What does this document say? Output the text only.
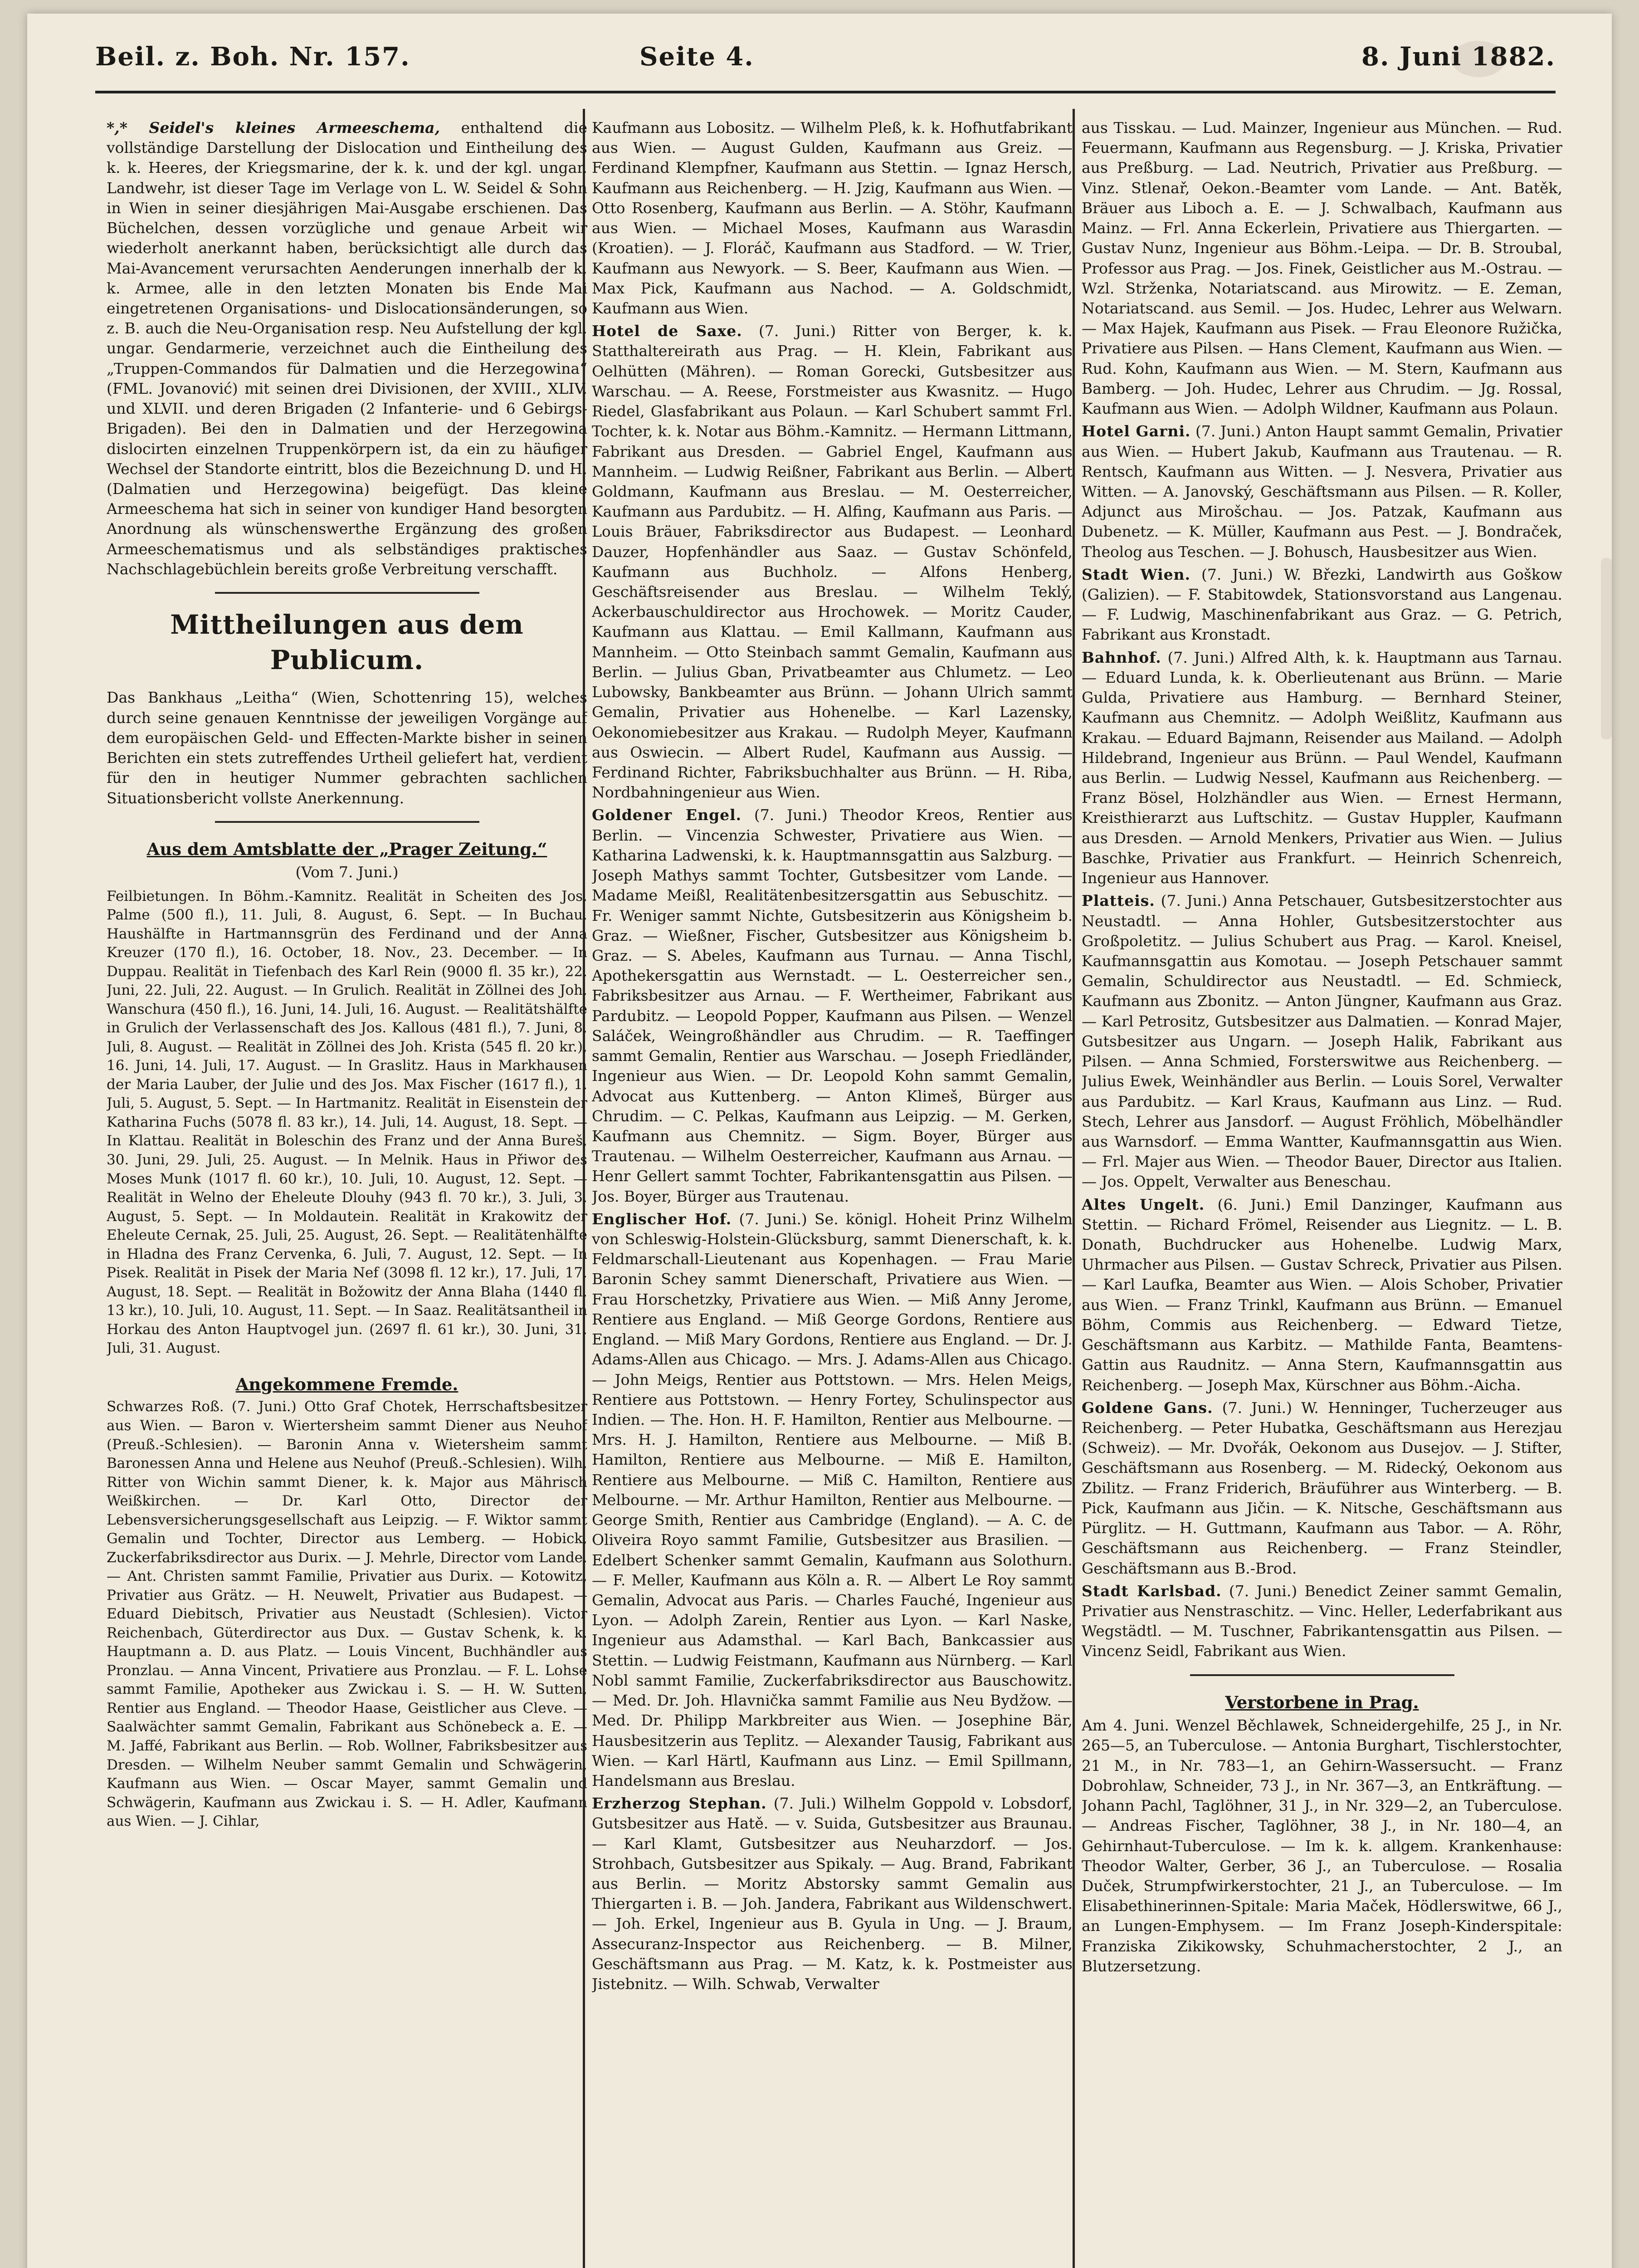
Beil. z. Boh. Nr. 157.	Seite 4.	8. Juni 1882.

*,* Seidel's kleines Armeeschema, enthaltend die vollständige Darstellung der Dislocation und Eintheilung des k. k. Heeres, der Kriegsmarine, der k. k. und der kgl. ungar. Landwehr, ist dieser Tage im Verlage von L. W. Seidel & Sohn in Wien in seiner diesjährigen Mai-Ausgabe erschienen. Das Büchelchen, dessen vorzügliche und genaue Arbeit wir wiederholt anerkannt haben, berücksichtigt alle durch das Mai-Avancement verursachten Aenderungen innerhalb der k. k. Armee, alle in den letzten Monaten bis Ende Mai eingetretenen Organisations- und Dislocationsänderungen, so z. B. auch die Neu-Organisation resp. Neu Aufstellung der kgl. ungar. Gendarmerie, verzeichnet auch die Eintheilung des „Truppen-Commandos für Dalmatien und die Herzegowina“ (FML. Jovanović) mit seinen drei Divisionen, der XVIII., XLIV. und XLVII. und deren Brigaden (2 Infanterie- und 6 Gebirgs-Brigaden). Bei den in Dalmatien und der Herzegowina dislocirten einzelnen Truppenkörpern ist, da ein zu häufiger Wechsel der Standorte eintritt, blos die Bezeichnung D. und H. (Dalmatien und Herzegowina) beigefügt. Das kleine Armeeschema hat sich in seiner von kundiger Hand besorgten Anordnung als wünschenswerthe Ergänzung des großen Armeeschematismus und als selbständiges praktisches Nachschlagebüchlein bereits große Verbreitung verschafft.

Mittheilungen aus dem Publicum.

Das Bankhaus „Leitha“ (Wien, Schottenring 15), welches durch seine genauen Kenntnisse der jeweiligen Vorgänge auf dem europäischen Geld- und Effecten-Markte bisher in seinen Berichten ein stets zutreffendes Urtheil geliefert hat, verdient für den in heutiger Nummer gebrachten sachlichen Situationsbericht vollste Anerkennung.

Aus dem Amtsblatte der „Prager Zeitung.“
(Vom 7. Juni.)

Feilbietungen. In Böhm.-Kamnitz. Realität in Scheiten des Jos. Palme (500 fl.), 11. Juli, 8. August, 6. Sept. — In Buchau. Haushälfte in Hartmannsgrün des Ferdinand und der Anna Kreuzer (170 fl.), 16. October, 18. Nov., 23. December. — In Duppau. Realität in Tiefenbach des Karl Rein (9000 fl. 35 kr.), 22. Juni, 22. Juli, 22. August. — In Grulich. Realität in Zöllnei des Joh. Wanschura (450 fl.), 16. Juni, 14. Juli, 16. August. — Realitätshälfte in Grulich der Verlassenschaft des Jos. Kallous (481 fl.), 7. Juni, 8. Juli, 8. August. — Realität in Zöllnei des Joh. Krista (545 fl. 20 kr.), 16. Juni, 14. Juli, 17. August. — In Graslitz. Haus in Markhausen der Maria Lauber, der Julie und des Jos. Max Fischer (1617 fl.), 1. Juli, 5. August, 5. Sept. — In Hartmanitz. Realität in Eisenstein der Katharina Fuchs (5078 fl. 83 kr.), 14. Juli, 14. August, 18. Sept. — In Klattau. Realität in Boleschin des Franz und der Anna Bureš, 30. Juni, 29. Juli, 25. August. — In Melnik. Haus in Přiwor des Moses Munk (1017 fl. 60 kr.), 10. Juli, 10. August, 12. Sept. — Realität in Welno der Eheleute Dlouhy (943 fl. 70 kr.), 3. Juli, 3. August, 5. Sept. — In Moldautein. Realität in Krakowitz der Eheleute Cernak, 25. Juli, 25. August, 26. Sept. — Realitätenhälfte in Hladna des Franz Cervenka, 6. Juli, 7. August, 12. Sept. — In Pisek. Realität in Pisek der Maria Nef (3098 fl. 12 kr.), 17. Juli, 17. August, 18. Sept. — Realität in Božowitz der Anna Blaha (1440 fl. 13 kr.), 10. Juli, 10. August, 11. Sept. — In Saaz. Realitätsantheil in Horkau des Anton Hauptvogel jun. (2697 fl. 61 kr.), 30. Juni, 31. Juli, 31. August.

Angekommene Fremde.

Schwarzes Roß. (7. Juni.) Otto Graf Chotek, Herrschaftsbesitzer aus Wien. — Baron v. Wiertersheim sammt Diener aus Neuhof (Preuß.-Schlesien). — Baronin Anna v. Wietersheim sammt Baronessen Anna und Helene aus Neuhof (Preuß.-Schlesien). Wilh. Ritter von Wichin sammt Diener, k. k. Major aus Mährisch Weißkirchen. — Dr. Karl Otto, Director der Lebensversicherungsgesellschaft aus Leipzig. — F. Wiktor sammt Gemalin und Tochter, Director aus Lemberg. — Hobick, Zuckerfabriksdirector aus Durix. — J. Mehrle, Director vom Lande. — Ant. Christen sammt Familie, Privatier aus Durix. — Kotowitz, Privatier aus Grätz. — H. Neuwelt, Privatier aus Budapest. — Eduard Diebitsch, Privatier aus Neustadt (Schlesien). Victor Reichenbach, Güterdirector aus Dux. — Gustav Schenk, k. k. Hauptmann a. D. aus Platz. — Louis Vincent, Buchhändler aus Pronzlau. — Anna Vincent, Privatiere aus Pronzlau. — F. L. Lohse sammt Familie, Apotheker aus Zwickau i. S. — H. W. Sutten, Rentier aus England. — Theodor Haase, Geistlicher aus Cleve. — Saalwächter sammt Gemalin, Fabrikant aus Schönebeck a. E. — M. Jaffé, Fabrikant aus Berlin. — Rob. Wollner, Fabriksbesitzer aus Dresden. — Wilhelm Neuber sammt Gemalin und Schwägerin, Kaufmann aus Wien. — Oscar Mayer, sammt Gemalin und Schwägerin, Kaufmann aus Zwickau i. S. — H. Adler, Kaufmann aus Wien. — J. Cihlar,

Kaufmann aus Lobositz. — Wilhelm Pleß, k. k. Hofhutfabrikant aus Wien. — August Gulden, Kaufmann aus Greiz. — Ferdinand Klempfner, Kaufmann aus Stettin. — Ignaz Hersch, Kaufmann aus Reichenberg. — H. Jzig, Kaufmann aus Wien. — Otto Rosenberg, Kaufmann aus Berlin. — A. Stöhr, Kaufmann aus Wien. — Michael Moses, Kaufmann aus Warasdin (Kroatien). — J. Floráč, Kaufmann aus Stadford. — W. Trier, Kaufmann aus Newyork. — S. Beer, Kaufmann aus Wien. — Max Pick, Kaufmann aus Nachod. — A. Goldschmidt, Kaufmann aus Wien.

Hotel de Saxe. (7. Juni.) Ritter von Berger, k. k. Statthaltereirath aus Prag. — H. Klein, Fabrikant aus Oelhütten (Mähren). — Roman Gorecki, Gutsbesitzer aus Warschau. — A. Reese, Forstmeister aus Kwasnitz. — Hugo Riedel, Glasfabrikant aus Polaun. — Karl Schubert sammt Frl. Tochter, k. k. Notar aus Böhm.-Kamnitz. — Hermann Littmann, Fabrikant aus Dresden. — Gabriel Engel, Kaufmann aus Mannheim. — Ludwig Reißner, Fabrikant aus Berlin. — Albert Goldmann, Kaufmann aus Breslau. — M. Oesterreicher, Kaufmann aus Pardubitz. — H. Alfing, Kaufmann aus Paris. — Louis Bräuer, Fabriksdirector aus Budapest. — Leonhard Dauzer, Hopfenhändler aus Saaz. — Gustav Schönfeld, Kaufmann aus Buchholz. — Alfons Henberg, Geschäftsreisender aus Breslau. — Wilhelm Teklý, Ackerbauschuldirector aus Hrochowek. — Moritz Cauder, Kaufmann aus Klattau. — Emil Kallmann, Kaufmann aus Mannheim. — Otto Steinbach sammt Gemalin, Kaufmann aus Berlin. — Julius Gban, Privatbeamter aus Chlumetz. — Leo Lubowsky, Bankbeamter aus Brünn. — Johann Ulrich sammt Gemalin, Privatier aus Hohenelbe. — Karl Lazensky, Oekonomiebesitzer aus Krakau. — Rudolph Meyer, Kaufmann aus Oswiecin. — Albert Rudel, Kaufmann aus Aussig. — Ferdinand Richter, Fabriksbuchhalter aus Brünn. — H. Riba, Nordbahningenieur aus Wien.

Goldener Engel. (7. Juni.) Theodor Kreos, Rentier aus Berlin. — Vincenzia Schwester, Privatiere aus Wien. — Katharina Ladwenski, k. k. Hauptmannsgattin aus Salzburg. — Joseph Mathys sammt Tochter, Gutsbesitzer vom Lande. — Madame Meißl, Realitätenbesitzersgattin aus Sebuschitz. — Fr. Weniger sammt Nichte, Gutsbesitzerin aus Königsheim b. Graz. — Wießner, Fischer, Gutsbesitzer aus Königsheim b. Graz. — S. Abeles, Kaufmann aus Turnau. — Anna Tischl, Apothekersgattin aus Wernstadt. — L. Oesterreicher sen., Fabriksbesitzer aus Arnau. — F. Wertheimer, Fabrikant aus Pardubitz. — Leopold Popper, Kaufmann aus Pilsen. — Wenzel Saláček, Weingroßhändler aus Chrudim. — R. Taeffinger sammt Gemalin, Rentier aus Warschau. — Joseph Friedländer, Ingenieur aus Wien. — Dr. Leopold Kohn sammt Gemalin, Advocat aus Kuttenberg. — Anton Klimeš, Bürger aus Chrudim. — C. Pelkas, Kaufmann aus Leipzig. — M. Gerken, Kaufmann aus Chemnitz. — Sigm. Boyer, Bürger aus Trautenau. — Wilhelm Oesterreicher, Kaufmann aus Arnau. — Henr Gellert sammt Tochter, Fabrikantensgattin aus Pilsen. — Jos. Boyer, Bürger aus Trautenau.

Englischer Hof. (7. Juni.) Se. königl. Hoheit Prinz Wilhelm von Schleswig-Holstein-Glücksburg, sammt Dienerschaft, k. k. Feldmarschall-Lieutenant aus Kopenhagen. — Frau Marie Baronin Schey sammt Dienerschaft, Privatiere aus Wien. — Frau Horschetzky, Privatiere aus Wien. — Miß Anny Jerome, Rentiere aus England. — Miß George Gordons, Rentiere aus England. — Miß Mary Gordons, Rentiere aus England. — Dr. J. Adams-Allen aus Chicago. — Mrs. J. Adams-Allen aus Chicago. — John Meigs, Rentier aus Pottstown. — Mrs. Helen Meigs, Rentiere aus Pottstown. — Henry Fortey, Schulinspector aus Indien. — The. Hon. H. F. Hamilton, Rentier aus Melbourne. — Mrs. H. J. Hamilton, Rentiere aus Melbourne. — Miß B. Hamilton, Rentiere aus Melbourne. — Miß E. Hamilton, Rentiere aus Melbourne. — Miß C. Hamilton, Rentiere aus Melbourne. — Mr. Arthur Hamilton, Rentier aus Melbourne. — George Smith, Rentier aus Cambridge (England). — A. C. de Oliveira Royo sammt Familie, Gutsbesitzer aus Brasilien. — Edelbert Schenker sammt Gemalin, Kaufmann aus Solothurn. — F. Meller, Kaufmann aus Köln a. R. — Albert Le Roy sammt Gemalin, Advocat aus Paris. — Charles Fauché, Ingenieur aus Lyon. — Adolph Zarein, Rentier aus Lyon. — Karl Naske, Ingenieur aus Adamsthal. — Karl Bach, Bankcassier aus Stettin. — Ludwig Feistmann, Kaufmann aus Nürnberg. — Karl Nobl sammt Familie, Zuckerfabriksdirector aus Bauschowitz. — Med. Dr. Joh. Hlavnička sammt Familie aus Neu Bydžow. — Med. Dr. Philipp Markbreiter aus Wien. — Josephine Bär, Hausbesitzerin aus Teplitz. — Alexander Tausig, Fabrikant aus Wien. — Karl Härtl, Kaufmann aus Linz. — Emil Spillmann, Handelsmann aus Breslau.

Erzherzog Stephan. (7. Juli.) Wilhelm Goppold v. Lobsdorf, Gutsbesitzer aus Hatě. — v. Suida, Gutsbesitzer aus Braunau. — Karl Klamt, Gutsbesitzer aus Neuharzdorf. — Jos. Strohbach, Gutsbesitzer aus Spikaly. — Aug. Brand, Fabrikant aus Berlin. — Moritz Abstorsky sammt Gemalin aus Thiergarten i. B. — Joh. Jandera, Fabrikant aus Wildenschwert. — Joh. Erkel, Ingenieur aus B. Gyula in Ung. — J. Braum, Assecuranz-Inspector aus Reichenberg. — B. Milner, Geschäftsmann aus Prag. — M. Katz, k. k. Postmeister aus Jistebnitz. — Wilh. Schwab, Verwalter

aus Tisskau. — Lud. Mainzer, Ingenieur aus München. — Rud. Feuermann, Kaufmann aus Regensburg. — J. Kriska, Privatier aus Preßburg. — Lad. Neutrich, Privatier aus Preßburg. — Vinz. Stlenař, Oekon.-Beamter vom Lande. — Ant. Batěk, Bräuer aus Liboch a. E. — J. Schwalbach, Kaufmann aus Mainz. — Frl. Anna Eckerlein, Privatiere aus Thiergarten. — Gustav Nunz, Ingenieur aus Böhm.-Leipa. — Dr. B. Stroubal, Professor aus Prag. — Jos. Finek, Geistlicher aus M.-Ostrau. — Wzl. Strženka, Notariatscand. aus Mirowitz. — E. Zeman, Notariatscand. aus Semil. — Jos. Hudec, Lehrer aus Welwarn. — Max Hajek, Kaufmann aus Pisek. — Frau Eleonore Ružička, Privatiere aus Pilsen. — Hans Clement, Kaufmann aus Wien. — Rud. Kohn, Kaufmann aus Wien. — M. Stern, Kaufmann aus Bamberg. — Joh. Hudec, Lehrer aus Chrudim. — Jg. Rossal, Kaufmann aus Wien. — Adolph Wildner, Kaufmann aus Polaun.

Hotel Garni. (7. Juni.) Anton Haupt sammt Gemalin, Privatier aus Wien. — Hubert Jakub, Kaufmann aus Trautenau. — R. Rentsch, Kaufmann aus Witten. — J. Nesvera, Privatier aus Witten. — A. Janovský, Geschäftsmann aus Pilsen. — R. Koller, Adjunct aus Mirošchau. — Jos. Patzak, Kaufmann aus Dubenetz. — K. Müller, Kaufmann aus Pest. — J. Bondraček, Theolog aus Teschen. — J. Bohusch, Hausbesitzer aus Wien.

Stadt Wien. (7. Juni.) W. Březki, Landwirth aus Goškow (Galizien). — F. Stabitowdek, Stationsvorstand aus Langenau. — F. Ludwig, Maschinenfabrikant aus Graz. — G. Petrich, Fabrikant aus Kronstadt.

Bahnhof. (7. Juni.) Alfred Alth, k. k. Hauptmann aus Tarnau. — Eduard Lunda, k. k. Oberlieutenant aus Brünn. — Marie Gulda, Privatiere aus Hamburg. — Bernhard Steiner, Kaufmann aus Chemnitz. — Adolph Weißlitz, Kaufmann aus Krakau. — Eduard Bajmann, Reisender aus Mailand. — Adolph Hildebrand, Ingenieur aus Brünn. — Paul Wendel, Kaufmann aus Berlin. — Ludwig Nessel, Kaufmann aus Reichenberg. — Franz Bösel, Holzhändler aus Wien. — Ernest Hermann, Kreisthierarzt aus Luftschitz. — Gustav Huppler, Kaufmann aus Dresden. — Arnold Menkers, Privatier aus Wien. — Julius Baschke, Privatier aus Frankfurt. — Heinrich Schenreich, Ingenieur aus Hannover.

Platteis. (7. Juni.) Anna Petschauer, Gutsbesitzerstochter aus Neustadtl. — Anna Hohler, Gutsbesitzerstochter aus Großpoletitz. — Julius Schubert aus Prag. — Karol. Kneisel, Kaufmannsgattin aus Komotau. — Joseph Petschauer sammt Gemalin, Schuldirector aus Neustadtl. — Ed. Schmieck, Kaufmann aus Zbonitz. — Anton Jüngner, Kaufmann aus Graz. — Karl Petrositz, Gutsbesitzer aus Dalmatien. — Konrad Majer, Gutsbesitzer aus Ungarn. — Joseph Halik, Fabrikant aus Pilsen. — Anna Schmied, Forsterswitwe aus Reichenberg. — Julius Ewek, Weinhändler aus Berlin. — Louis Sorel, Verwalter aus Pardubitz. — Karl Kraus, Kaufmann aus Linz. — Rud. Stech, Lehrer aus Jansdorf. — August Fröhlich, Möbelhändler aus Warnsdorf. — Emma Wantter, Kaufmannsgattin aus Wien. — Frl. Majer aus Wien. — Theodor Bauer, Director aus Italien. — Jos. Oppelt, Verwalter aus Beneschau.

Altes Ungelt. (6. Juni.) Emil Danzinger, Kaufmann aus Stettin. — Richard Frömel, Reisender aus Liegnitz. — L. B. Donath, Buchdrucker aus Hohenelbe. Ludwig Marx, Uhrmacher aus Pilsen. — Gustav Schreck, Privatier aus Pilsen. — Karl Laufka, Beamter aus Wien. — Alois Schober, Privatier aus Wien. — Franz Trinkl, Kaufmann aus Brünn. — Emanuel Böhm, Commis aus Reichenberg. — Edward Tietze, Geschäftsmann aus Karbitz. — Mathilde Fanta, Beamtens-Gattin aus Raudnitz. — Anna Stern, Kaufmannsgattin aus Reichenberg. — Joseph Max, Kürschner aus Böhm.-Aicha.

Goldene Gans. (7. Juni.) W. Henninger, Tucherzeuger aus Reichenberg. — Peter Hubatka, Geschäftsmann aus Herezjau (Schweiz). — Mr. Dvořák, Oekonom aus Dusejov. — J. Stifter, Geschäftsmann aus Rosenberg. — M. Ridecký, Oekonom aus Zbilitz. — Franz Friderich, Bräuführer aus Winterberg. — B. Pick, Kaufmann aus Jičin. — K. Nitsche, Geschäftsmann aus Pürglitz. — H. Guttmann, Kaufmann aus Tabor. — A. Röhr, Geschäftsmann aus Reichenberg. — Franz Steindler, Geschäftsmann aus B.-Brod.

Stadt Karlsbad. (7. Juni.) Benedict Zeiner sammt Gemalin, Privatier aus Nenstraschitz. — Vinc. Heller, Lederfabrikant aus Wegstädtl. — M. Tuschner, Fabrikantensgattin aus Pilsen. — Vincenz Seidl, Fabrikant aus Wien.

Verstorbene in Prag.

Am 4. Juni. Wenzel Běchlawek, Schneidergehilfe, 25 J., in Nr. 265—5, an Tuberculose. — Antonia Burghart, Tischlerstochter, 21 M., in Nr. 783—1, an Gehirn-Wassersucht. — Franz Dobrohlaw, Schneider, 73 J., in Nr. 367—3, an Entkräftung. — Johann Pachl, Taglöhner, 31 J., in Nr. 329—2, an Tuberculose. — Andreas Fischer, Taglöhner, 38 J., in Nr. 180—4, an Gehirnhaut-Tuberculose. — Im k. k. allgem. Krankenhause: Theodor Walter, Gerber, 36 J., an Tuberculose. — Rosalia Duček, Strumpfwirkerstochter, 21 J., an Tuberculose. — Im Elisabethinerinnen-Spitale: Maria Maček, Hödlerswitwe, 66 J., an Lungen-Emphysem. — Im Franz Joseph-Kinderspitale: Franziska Zikikowsky, Schuhmacherstochter, 2 J., an Blutzersetzung.
